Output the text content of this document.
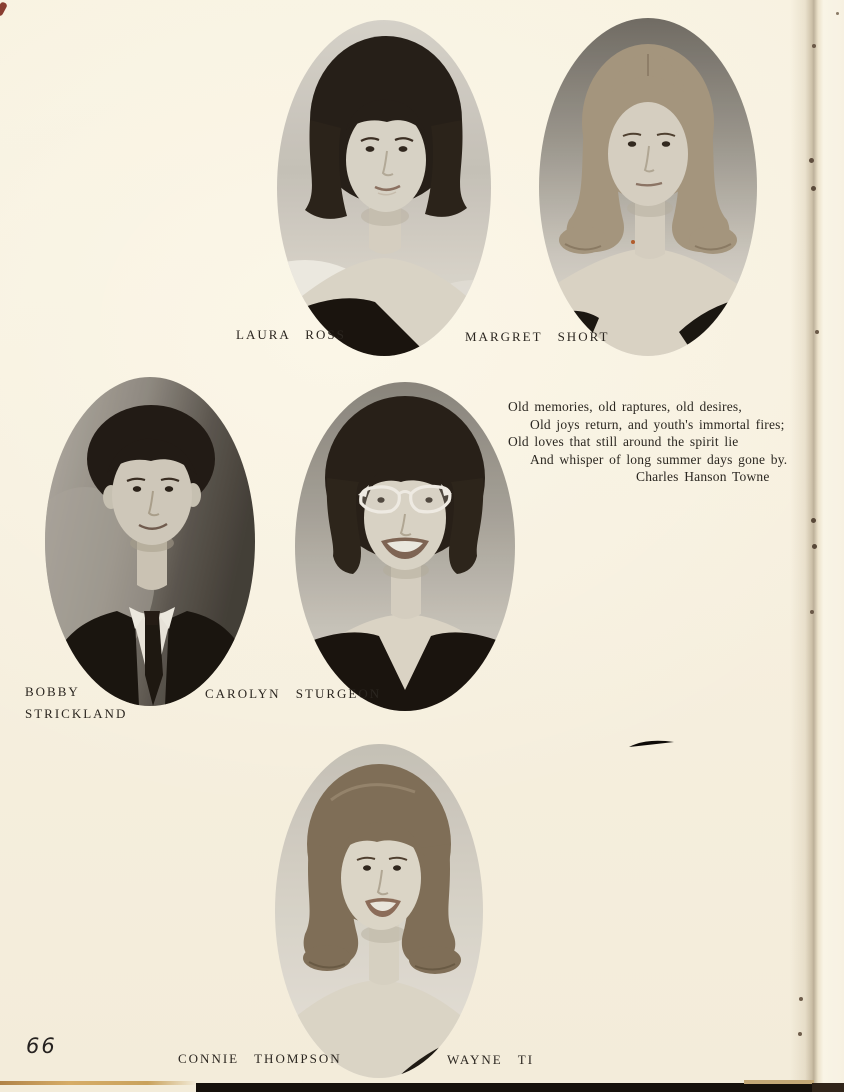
LAURA ROSS	MARGRET SHORT
BOBBY
STRICKLAND
CAROLYN STURGEON
CONNIE THOMPSON	WAYNE TI
Old memories, old raptures, old desires,
Old joys return, and youth's immortal fires;
Old loves that still around the spirit lie
And whisper of long summer days gone by.
Charles Hanson Towne
66
